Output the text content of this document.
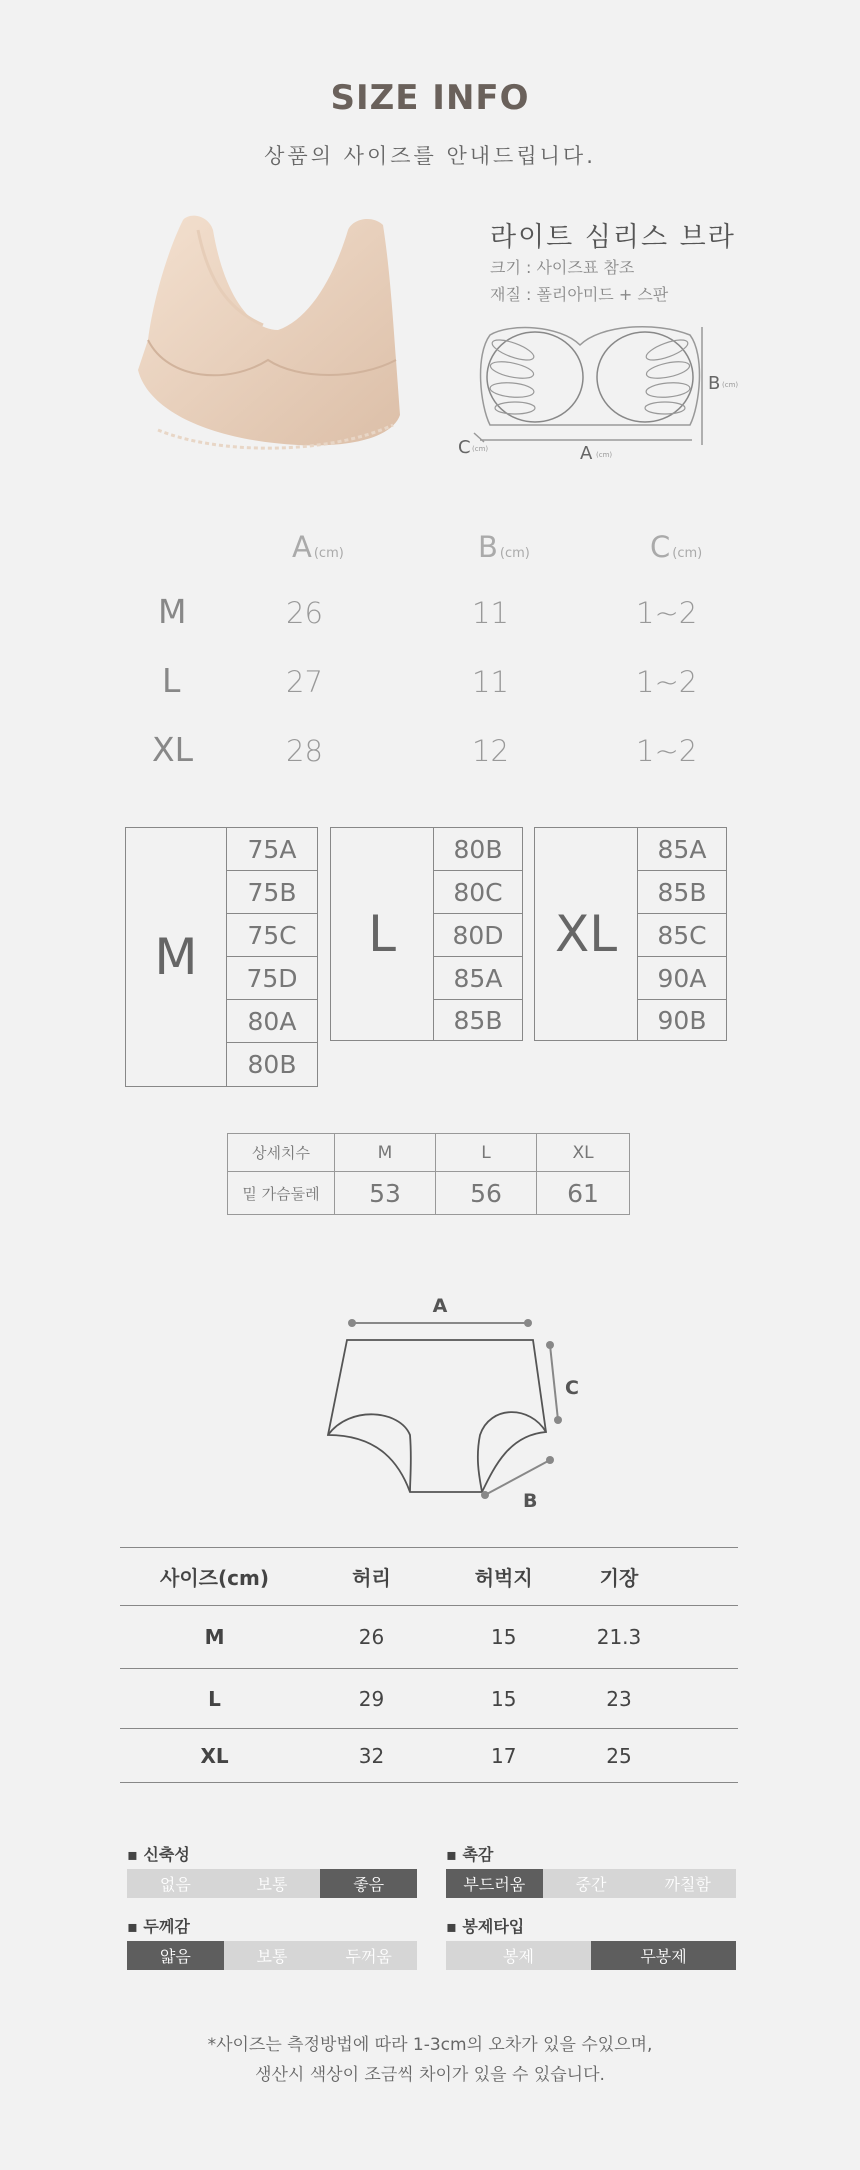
SIZE INFO
상품의 사이즈를 안내드립니다.
라이트 심리스 브라
크기 : 사이즈표 참조
재질 : 폴리아미드 + 스판
A (cm)
B (cm)
C (cm)
A (cm)	B (cm)	C (cm)
M	26	11	1~2
L	27	11	1~2
XL	28	12	1~2
M
75A
75B
75C
75D
80A
80B
L
80B
80C
80D
85A
85B
XL
85A
85B
85C
90A
90B
상세치수	M	L	XL
밑 가슴둘레	53	56	61
A
C
B
사이즈(cm)	허리	허벅지	기장	
M	26	15	21.3	
L	29	15	23	
XL	32	17	25	
▪ 신축성
없음	보통	좋음
▪ 촉감
부드러움	중간	까칠함
▪ 두께감
얇음	보통	두꺼움
▪ 봉제타입
봉제	무봉제
*사이즈는 측정방법에 따라 1-3cm의 오차가 있을 수있으며,
생산시 색상이 조금씩 차이가 있을 수 있습니다.
